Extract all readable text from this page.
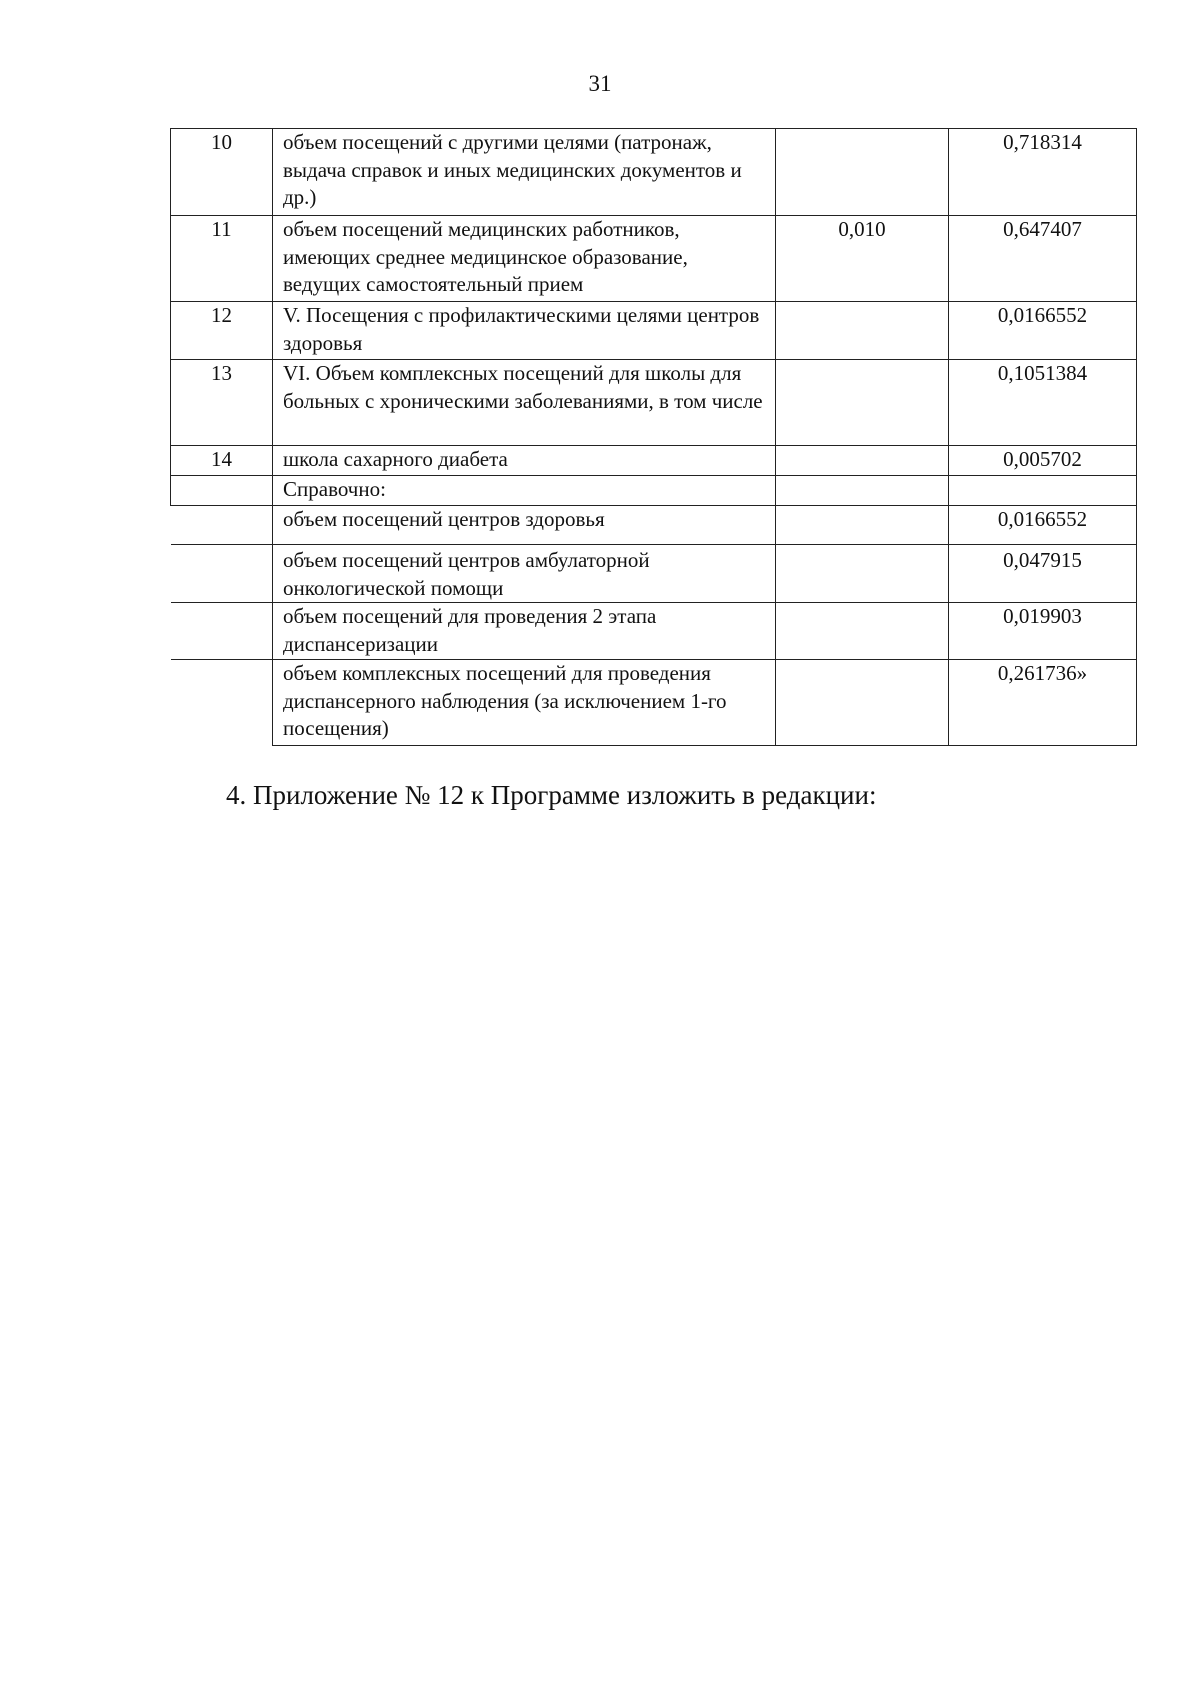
31
10	объем посещений с другими целями (патронаж, выдача справок и иных медицинских документов и др.)		0,718314
11	объем посещений медицинских работников, имеющих среднее медицинское образование, ведущих самостоятельный прием	0,010	0,647407
12	V. Посещения с профилактическими целями центров здоровья		0,0166552
13	VI. Объем комплексных посещений для школы для больных с хроническими заболеваниями, в том числе		0,1051384
14	школа сахарного диабета		0,005702
	Справочно:		
	объем посещений центров здоровья		0,0166552
	объем посещений центров амбулаторной онкологической помощи		0,047915
	объем посещений для проведения 2 этапа диспансеризации		0,019903
	объем комплексных посещений для проведения диспансерного наблюдения (за исключением 1-го посещения)		0,261736»
4. Приложение № 12 к Программе изложить в редакции:
